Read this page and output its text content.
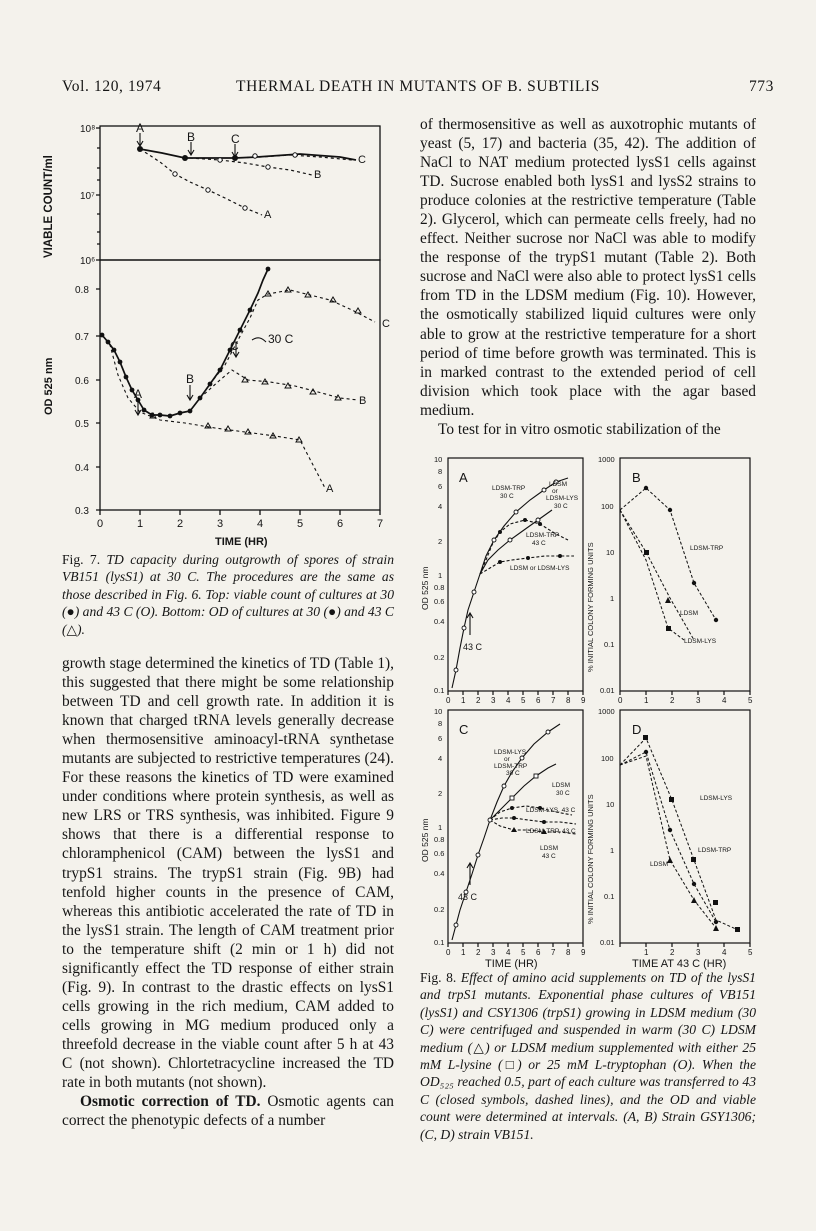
Vol. 120, 1974	THERMAL DEATH IN MUTANTS OF B. SUBTILIS	773
A
B	C
C
B
A
A
B
C 30 C
C
B
A
10⁸
10⁷
10⁶
0.8
0.7
0.6
0.5
0.4
0.3
0	1	2	3	4	5	6	7
TIME (HR)
VIABLE COUNT/ml
OD 525 nm
Fig. 7. TD capacity during outgrowth of spores of strain VB151 (lysS1) at 30 C. The procedures are the same as those described in Fig. 6. Top: viable count of cultures at 30 (●) and 43 C (O). Bottom: OD of cultures at 30 (●) and 43 C (△).

growth stage determined the kinetics of TD (Table 1), this suggested that there might be some relationship between TD and cell growth rate. In addition it is known that charged tRNA levels generally decrease when thermosensitive aminoacyl-tRNA synthetase mutants are subjected to restrictive temperatures (24). For these reasons the kinetics of TD were examined under conditions where protein synthesis, as well as new LRS or TRS synthesis, was inhibited. Figure 9 shows that there is a differential response to chloramphenicol (CAM) between the lysS1 and trypS1 strains. The trypS1 strain (Fig. 9B) had tenfold higher counts in the presence of CAM, whereas this antibiotic accelerated the rate of TD in the lysS1 strain. The length of CAM treatment prior to the temperature shift (2 min or 1 h) did not significantly effect the TD response of either strain (Fig. 9). In contrast to the drastic effects on lysS1 cells growing in the rich medium, CAM added to cells growing in MG medium produced only a threefold decrease in the viable count after 5 h at 43 C (not shown). Chlortetracycline increased the TD rate in both mutants (not shown).

Osmotic correction of TD. Osmotic agents can correct the phenotypic defects of a number

of thermosensitive as well as auxotrophic mutants of yeast (5, 17) and bacteria (35, 42). The addition of NaCl to NAT medium protected lysS1 cells against TD. Sucrose enabled both lysS1 and lysS2 strains to produce colonies at the restrictive temperature (Table 2). Glycerol, which can permeate cells freely, had no effect. Neither sucrose nor NaCl was able to modify the response of the trypS1 mutant (Table 2). Both sucrose and NaCl were also able to protect lysS1 cells from TD in the LDSM medium (Fig. 10). However, the osmotically stabilized liquid cultures were only able to grow at the restrictive temperature for a short period of time before growth was terminated. This is in marked contrast to the extended period of cell division which took place with the agar based medium.

To test for in vitro osmotic stabilization of the

43 C
43 C
A	B
C	D
LDSM-TRP
30 C
LDSM
or
LDSM-LYS
30 C
LDSM-TRP
43 C
LDSM or LDSM-LYS
LDSM-TRP
LDSM
LDSM-LYS
LDSM-LYS
or
LDSM-TRP
30 C
LDSM
30 C
LDSM-LYS, 43 C
LDSM-TRP, 43 C
LDSM
43 C
LDSM-LYS
LDSM-TRP
LDSM
10
8
6
4
2
1
0.8
0.6
0.4
0.2
0.1
10
8
6
4
2
1
0.8
0.6
0.4
0.2
0.1
1000
100
10
1
0.1
0.01
1000
100
10
1
0.1
0.01
0 1 2 3 4 5 6 7 8 9
0 1 2 3 4 5 6 7 8 9
0	1	2	3	4	5
1	2	3	4	5
TIME (HR)	TIME AT 43 C (HR)
OD 525 nm
OD 525 nm
% INITIAL COLONY FORMING UNITS
% INITIAL COLONY FORMING UNITS
Fig. 8. Effect of amino acid supplements on TD of the lysS1 and trpS1 mutants. Exponential phase cultures of VB151 (lysS1) and CSY1306 (trpS1) growing in LDSM medium (30 C) were centrifuged and suspended in warm (30 C) LDSM medium (△) or LDSM medium supplemented with either 25 mM L-lysine (□) or 25 mM L-tryptophan (O). When the OD₅₂₅ reached 0.5, part of each culture was transferred to 43 C (closed symbols, dashed lines), and the OD and viable count were determined at intervals. (A, B) Strain GSY1306; (C, D) strain VB151.
